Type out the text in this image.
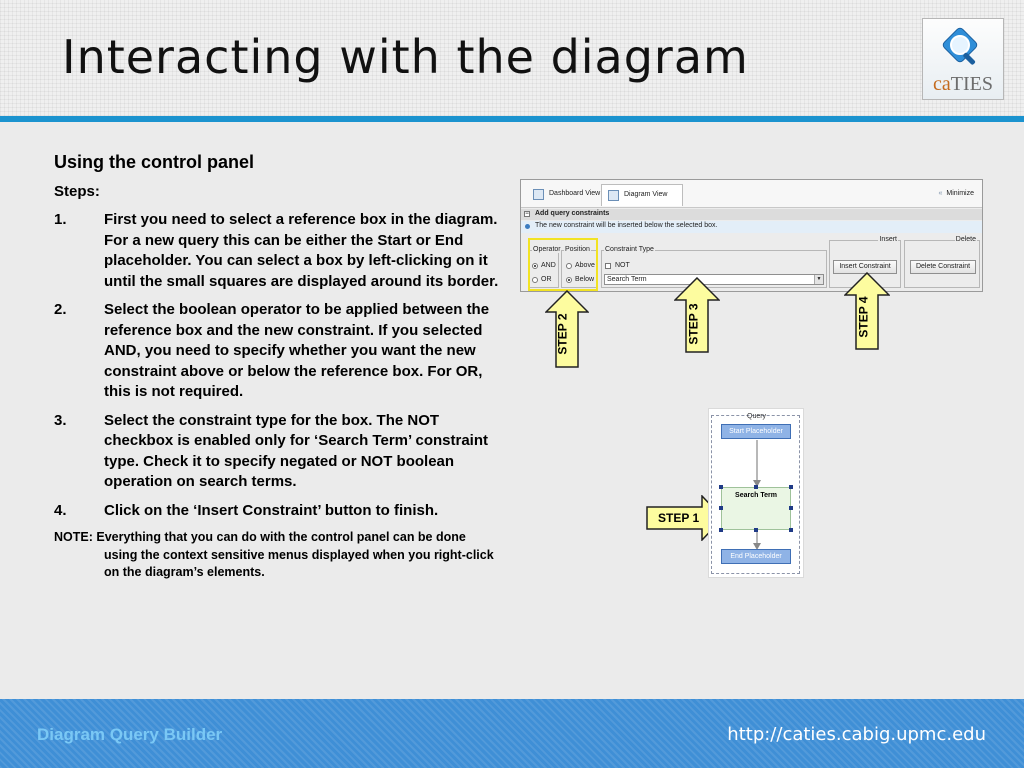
Interacting with the diagram	caTIES
Using the control panel
Steps:
1. First you need to select a reference box in the diagram. For a new query this can be either the Start or End placeholder. You can select a box by left-clicking on it until the small squares are displayed around its border.
2. Select the boolean operator to be applied between the reference box and the new constraint. If you selected AND, you need to specify whether you want the new constraint above or below the reference box. For OR, this is not required.
3. Select the constraint type for the box. The NOT checkbox is enabled only for ‘Search Term’ constraint type. Check it to specify negated or NOT boolean operation on search terms.
4. Click on the ‘Insert Constraint’ button to finish.
NOTE: Everything that you can do with the control panel can be done using the context sensitive menus displayed when you right-click on the diagram’s elements.
Dashboard View	Diagram View	« Minimize
− Add query constraints
The new constraint will be inserted below the selected box.
Operator
AND
OR
Position
Above
Below
Constraint Type
NOT
Search Term	▼
Insert
Insert Constraint
Delete
Delete Constraint
STEP 2	STEP 3	STEP 4
STEP 1
Query
Start Placeholder
Search Term
End Placeholder
Diagram Query Builder	http://caties.cabig.upmc.edu
